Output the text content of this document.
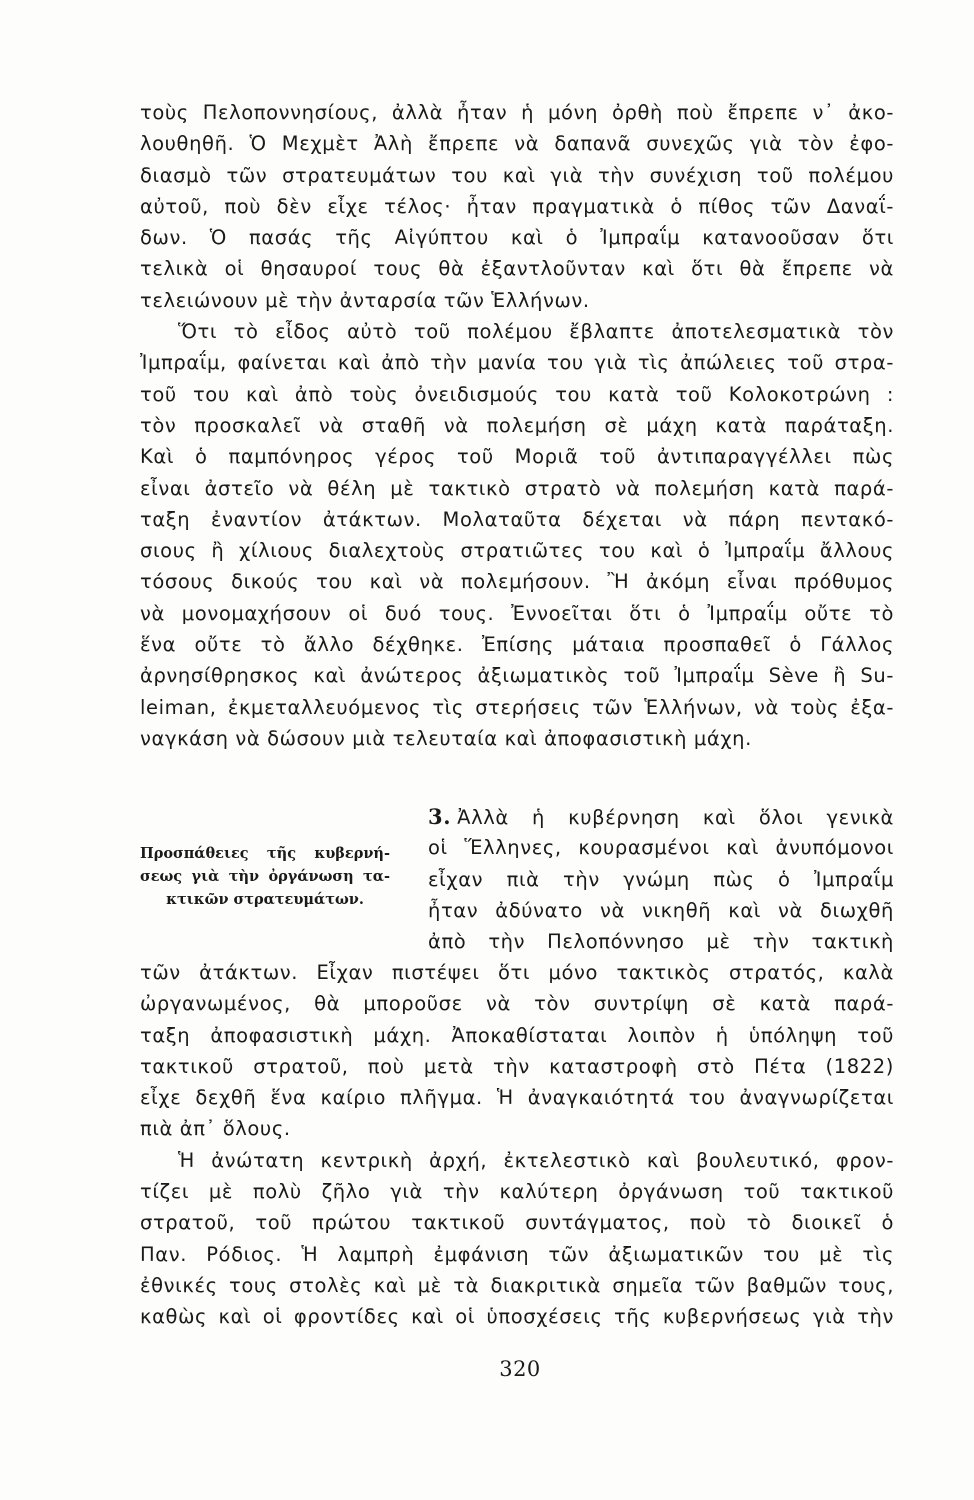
τοὺς Πελοποννησίους, ἀλλὰ ἦταν ἡ μόνη ὀρθὴ ποὺ ἔπρεπε ν᾿ ἀκο-
λουθηθῆ. Ὁ Μεχμὲτ Ἀλὴ ἔπρεπε νὰ δαπανᾶ συνεχῶς γιὰ τὸν ἐφο-
διασμὸ τῶν στρατευμάτων του καὶ γιὰ τὴν συνέχιση τοῦ πολέμου
αὐτοῦ, ποὺ δὲν εἶχε τέλος· ἦταν πραγματικὰ ὁ πίθος τῶν Δαναΐ-
δων. Ὁ πασάς τῆς Αἰγύπτου καὶ ὁ Ἰμπραΐμ κατανοοῦσαν ὅτι
τελικὰ οἱ θησαυροί τους θὰ ἐξαντλοῦνταν καὶ ὅτι θὰ ἔπρεπε νὰ
τελειώνουν μὲ τὴν ἀνταρσία τῶν Ἑλλήνων.
Ὅτι τὸ εἶδος αὐτὸ τοῦ πολέμου ἔβλαπτε ἀποτελεσματικὰ τὸν
Ἰμπραΐμ, φαίνεται καὶ ἀπὸ τὴν μανία του γιὰ τὶς ἀπώλειες τοῦ στρα-
τοῦ του καὶ ἀπὸ τοὺς ὀνειδισμούς του κατὰ τοῦ Κολοκοτρώνη :
τὸν προσκαλεῖ νὰ σταθῆ νὰ πολεμήση σὲ μάχη κατὰ παράταξη.
Καὶ ὁ παμπόνηρος γέρος τοῦ Μοριᾶ τοῦ ἀντιπαραγγέλλει πὼς
εἶναι ἀστεῖο νὰ θέλη μὲ τακτικὸ στρατὸ νὰ πολεμήση κατὰ παρά-
ταξη ἐναντίον ἀτάκτων. Μολαταῦτα δέχεται νὰ πάρη πεντακό-
σιους ἢ χίλιους διαλεχτοὺς στρατιῶτες του καὶ ὁ Ἰμπραΐμ ἄλλους
τόσους δικούς του καὶ νὰ πολεμήσουν. Ἢ ἀκόμη εἶναι πρόθυμος
νὰ μονομαχήσουν οἱ δυό τους. Ἐννοεῖται ὅτι ὁ Ἰμπραΐμ οὔτε τὸ
ἕνα οὔτε τὸ ἄλλο δέχθηκε. Ἐπίσης μάταια προσπαθεῖ ὁ Γάλλος
ἀρνησίθρησκος καὶ ἀνώτερος ἀξιωματικὸς τοῦ Ἰμπραΐμ Sève ἢ Su-
leiman, ἐκμεταλλευόμενος τὶς στερήσεις τῶν Ἑλλήνων, νὰ τοὺς ἐξα-
ναγκάση νὰ δώσουν μιὰ τελευταία καὶ ἀποφασιστικὴ μάχη.
Προσπάθειες τῆς κυβερνή-
σεως γιὰ τὴν ὀργάνωση τα-
κτικῶν στρατευμάτων.
3. Ἀλλὰ ἡ κυβέρνηση καὶ ὅλοι γενικὰ
οἱ Ἕλληνες, κουρασμένοι καὶ ἀνυπόμονοι
εἶχαν πιὰ τὴν γνώμη πὼς ὁ Ἰμπραΐμ
ἦταν ἀδύνατο νὰ νικηθῆ καὶ νὰ διωχθῆ
ἀπὸ τὴν Πελοπόννησο μὲ τὴν τακτικὴ
τῶν ἀτάκτων. Εἶχαν πιστέψει ὅτι μόνο τακτικὸς στρατός, καλὰ
ὠργανωμένος, θὰ μποροῦσε νὰ τὸν συντρίψη σὲ κατὰ παρά-
ταξη ἀποφασιστικὴ μάχη. Ἀποκαθίσταται λοιπὸν ἡ ὑπόληψη τοῦ
τακτικοῦ στρατοῦ, ποὺ μετὰ τὴν καταστροφὴ στὸ Πέτα (1822)
εἶχε δεχθῆ ἕνα καίριο πλῆγμα. Ἡ ἀναγκαιότητά του ἀναγνωρίζεται
πιὰ ἀπ᾿ ὅλους.
Ἡ ἀνώτατη κεντρικὴ ἀρχή, ἐκτελεστικὸ καὶ βουλευτικό, φρον-
τίζει μὲ πολὺ ζῆλο γιὰ τὴν καλύτερη ὀργάνωση τοῦ τακτικοῦ
στρατοῦ, τοῦ πρώτου τακτικοῦ συντάγματος, ποὺ τὸ διοικεῖ ὁ
Παν. Ρόδιος. Ἡ λαμπρὴ ἐμφάνιση τῶν ἀξιωματικῶν του μὲ τὶς
ἐθνικές τους στολὲς καὶ μὲ τὰ διακριτικὰ σημεῖα τῶν βαθμῶν τους,
καθὼς καὶ οἱ φροντίδες καὶ οἱ ὑποσχέσεις τῆς κυβερνήσεως γιὰ τὴν
320
